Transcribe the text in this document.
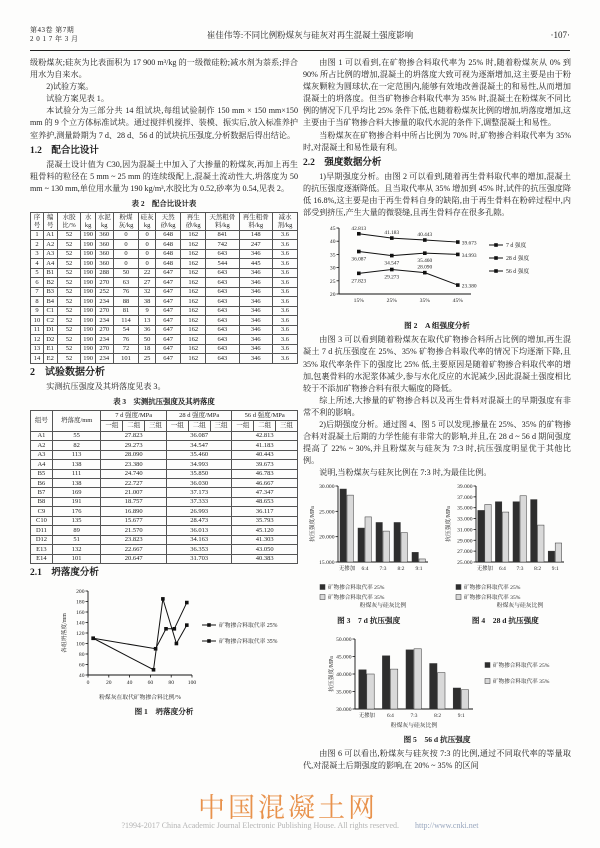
第43卷 第7期
2 0 1 7 年 3 月	崔佳伟等:不同比例粉煤灰与硅灰对再生混凝土强度影响	·107·

级粉煤灰;硅灰为比表面积为 17 900 m³/kg 的一级微硅粉;减水剂为萘系;拌合用水为自来水。

2)试验方案。

试验方案见表 1。

本试验分为三部分共 14 组试块,每组试验制作 150 mm × 150 mm×150 mm 的 9 个立方体标准试块。通过搅拌机搅拌、装模、振实后,放入标准养护室养护,测量龄期为 7 d、28 d、56 d 的试块抗压强度,分析数据后得出结论。

1.2　配合比设计

混凝土设计值为 C30,因为混凝土中加入了大掺量的粉煤灰,再加上再生粗骨料的粒径在 5 mm ~ 25 mm 的连续级配上,混凝土流动性大,坍落度为 50 mm ~ 130 mm,单位用水量为 190 kg/m³,水胶比为 0.52,砂率为 0.54,见表 2。

表 2　配合比设计表
序号	编号	水胶比/%	水kg	水泥kg	粉煤灰/kg	硅灰kg	天然砂/kg	再生砂/kg	天然粗骨料/kg	再生粗骨料/kg	减水剂/kg
1	A1	52	190	360	0	0	648	162	841	148	3.6
2	A2	52	190	360	0	0	648	162	742	247	3.6
3	A3	52	190	360	0	0	648	162	643	346	3.6
4	A4	52	190	360	0	0	648	162	544	445	3.6
5	B1	52	190	288	50	22	647	162	643	346	3.6
6	B2	52	190	270	63	27	647	162	643	346	3.6
7	B3	52	190	252	76	32	647	162	643	346	3.6
8	B4	52	190	234	88	38	647	162	643	346	3.6
9	C1	52	190	270	81	9	647	162	643	346	3.6
10	C2	52	190	234	114	13	647	162	643	346	3.6
11	D1	52	190	270	54	36	647	162	643	346	3.6
12	D2	52	190	234	76	50	647	162	643	346	3.6
13	E1	52	190	270	72	18	647	162	643	346	3.6
14	E2	52	190	234	101	25	647	162	643	346	3.6
2　试验数据分析

实测抗压强度及其坍落度见表 3。

表 3　实测抗压强度及其坍落度
组号	坍落度/mm	7 d 强度/MPa			28 d 强度/MPa			56 d 强度/MPa		
		一组	二组	三组	一组	二组	三组	一组	二组	三组
A1	55	27.823			36.087			42.813		
A2	82	29.273			34.547			41.183		
A3	113	28.090			35.460			40.443		
A4	138	23.380			34.993			39.673		
B5	111	24.740			35.850			46.783		
B6	138	22.727			36.030			46.667		
B7	169	21.007			37.173			47.347		
B8	191	18.757			37.333			48.653		
C9	176	16.890			26.993			36.117		
C10	135	15.677			28.473			35.793		
D11	89	21.570			36.013			45.120		
D12	51	23.823			34.163			41.303		
E13	132	22.667			36.353			43.050		
E14	101	20.647			31.703			40.383		
2.1　坍落度分析
40
60
80
100
120
140
160
180
200
0	20	40	60	80 100
矿物掺合料取代率 25%
矿物掺合料取代率 35%
各组坍落度/mm
粉煤灰在取代矿物掺合料比例/%
图 1　坍落度分析

由图 1 可以看到,在矿物掺合料取代率为 25% 时,随着粉煤灰从 0% 到 90% 所占比例的增加,混凝土的坍落度大致可视为逐渐增加,这主要是由于粉煤灰颗粒为圆球状,在一定范围内,能够有效地改善混凝土的和易性,从而增加混凝土的坍落度。但当矿物掺合料取代率为 35% 时,混凝土在粉煤灰不同比例的情况下几乎均比 25% 条件下低,也随着粉煤灰比例的增加,坍落度增加,这主要由于当矿物掺合料大掺量的取代水泥的条件下,调整混凝土和易性。

当粉煤灰在矿物掺合料中所占比例为 70% 时,矿物掺合料取代率为 35% 时,对混凝土和易性最有利。

2.2　强度数据分析

1)早期强度分析。由图 2 可以看到,随着再生骨料取代率的增加,混凝土的抗压强度逐渐降低。且当取代率从 35% 增加到 45% 时,试件的抗压强度降低 16.8%,这主要是由于再生骨料自身的缺陷,由于再生骨料在粉碎过程中,内部受到挤压,产生大量的微裂缝,且再生骨料存在很多孔隙。

20
25
30
35
40
45
15%	25%	35%	45%
27.823
29.273
28.090
23.380
36.087
34.547	35.460
34.993
42.813
41.183	40.443
39.673	7 d 强度
28 d 强度
56 d 强度
图 2　A 组强度分析

由图 3 可以看到随着粉煤灰在取代矿物掺合料所占比例的增加,再生混凝土 7 d 抗压强度在 25%、35% 矿物掺合料取代率的情况下均逐渐下降,且 35% 取代率条件下的强度比 25% 低,主要原因是随着矿物掺合料取代率的增加,包裹骨料的水泥浆体减少,参与水化反应的水泥减少,因此混凝土强度相比较于不添加矿物掺合料有很大幅度的降低。

综上所述,大掺量的矿物掺合料以及再生骨料对混凝土的早期强度有非常不利的影响。

2)后期强度分析。通过图 4、图 5 可以发现,掺量在 25%、35% 的矿物掺合料对混凝土后期的力学性能有非常大的影响,并且,在 28 d ~ 56 d 期间强度提高了 22% ~ 30%,并且粉煤灰与硅灰为 7:3 时,抗压强度明显优于其他比例。

说明,当粉煤灰与硅灰比例在 7:3 时,为最佳比例。

15.000
20.000
25.000
30.000
无掺加 6:4 7:3 8:2 9:1
矿物掺合料取代率 25%
矿物掺合料取代率 35%
抗压强度/MPa
粉煤灰与硅灰比例
图 3　7 d 抗压强度
25.000
27.000
29.000
31.000
33.000
35.000
37.000
39.000
无掺加 6:4 7:3 8:2 9:1
矿物掺合料取代率 25%
矿物掺合料取代率 35%
抗压强度/MPa
粉煤灰与硅灰比例
图 4　28 d 抗压强度
30.000
35.000
40.000
45.000
50.000
无掺加 6:4	7:3	8:2	9:1
矿物掺合料取代率 25%
矿物掺合料取代率 35%
抗压强度/MPa
粉煤灰与硅灰比例
图 5　56 d 抗压强度

由图 6 可以看出,粉煤灰与硅灰按 7:3 的比例,通过不同取代率的等量取代,对混凝土后期强度的影响,在 20% ~ 35% 的区间

中国混凝土网
?1994-2017 China Academic Journal Electronic Publishing House. All rights reserved. http://www.cnki.net
